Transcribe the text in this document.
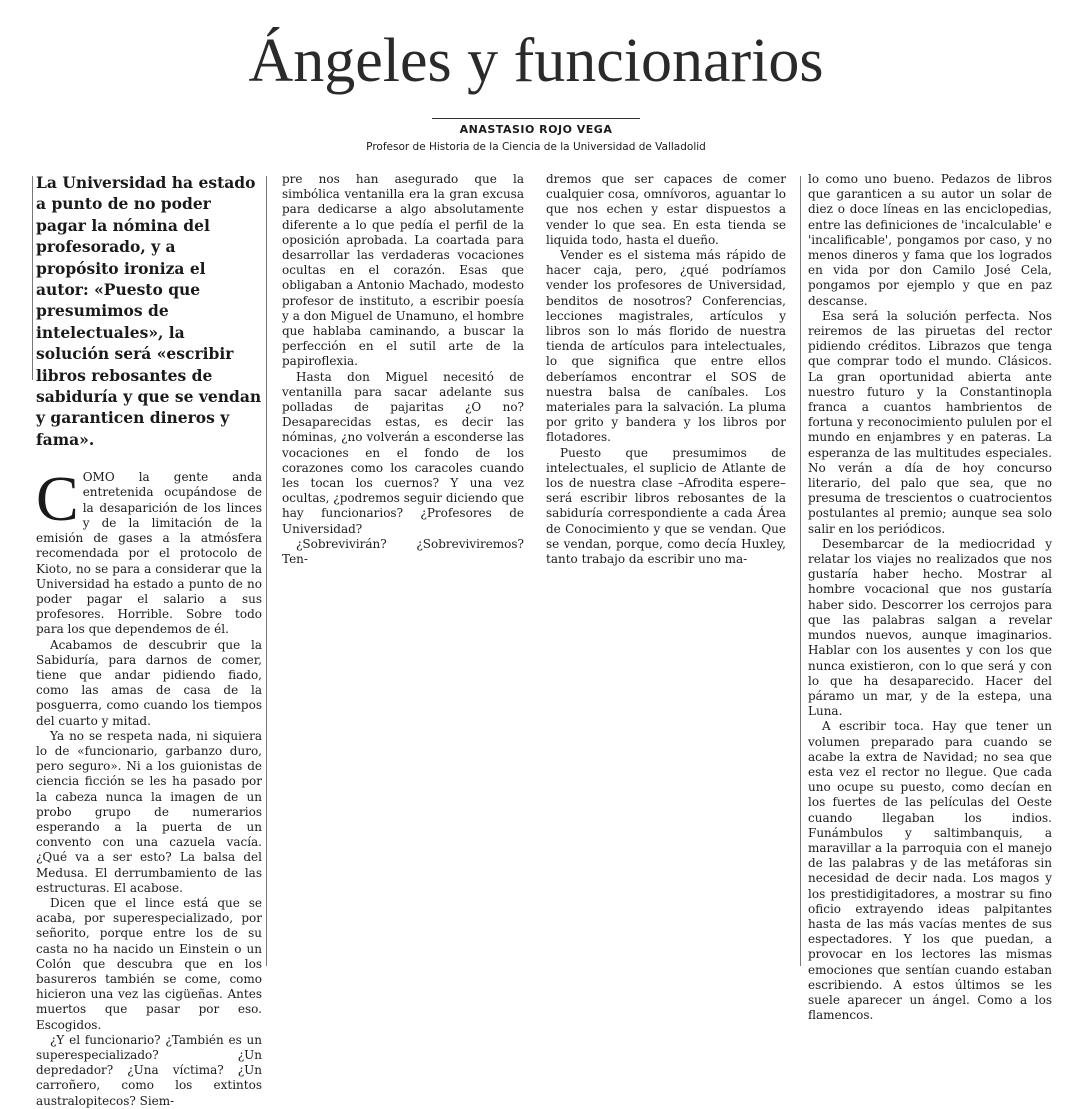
Ángeles y funcionarios
ANASTASIO ROJO VEGA
Profesor de Historia de la Ciencia de la Universidad de Valladolid

La Universidad ha estado a punto de no poder pagar la nómina del profesorado, y a propósito ironiza el autor: «Puesto que presumimos de intelectuales», la solución será «escribir libros rebosantes de sabiduría y que se vendan y garanticen dineros y fama».

COMO la gente anda entretenida ocupándose de la desaparición de los linces y de la limitación de la emisión de gases a la atmósfera recomendada por el protocolo de Kioto, no se para a considerar que la Universidad ha estado a punto de no poder pagar el salario a sus profesores. Horrible. Sobre todo para los que dependemos de él.

Acabamos de descubrir que la Sabiduría, para darnos de comer, tiene que andar pidiendo fiado, como las amas de casa de la posguerra, como cuando los tiempos del cuarto y mitad.

Ya no se respeta nada, ni siquiera lo de «funcionario, garbanzo duro, pero seguro». Ni a los guionistas de ciencia ficción se les ha pasado por la cabeza nunca la imagen de un probo grupo de numerarios esperando a la puerta de un convento con una cazuela vacía. ¿Qué va a ser esto? La balsa del Medusa. El derrumbamiento de las estructuras. El acabose.

Dicen que el lince está que se acaba, por superespecializado, por señorito, porque entre los de su casta no ha nacido un Einstein o un Colón que descubra que en los basureros también se come, como hicieron una vez las cigüeñas. Antes muertos que pasar por eso. Escogidos.

¿Y el funcionario? ¿También es un superespecializado? ¿Un depredador? ¿Una víctima? ¿Un carroñero, como los extintos australopitecos? Siem-

pre nos han asegurado que la simbólica ventanilla era la gran excusa para dedicarse a algo absolutamente diferente a lo que pedía el perfil de la oposición aprobada. La coartada para desarrollar las verdaderas vocaciones ocultas en el corazón. Esas que obligaban a Antonio Machado, modesto profesor de instituto, a escribir poesía y a don Miguel de Unamuno, el hombre que hablaba caminando, a buscar la perfección en el sutil arte de la papiroflexia.

Hasta don Miguel necesitó de ventanilla para sacar adelante sus polladas de pajaritas ¿O no? Desaparecidas estas, es decir las nóminas, ¿no volverán a esconderse las vocaciones en el fondo de los corazones como los caracoles cuando les tocan los cuernos? Y una vez ocultas, ¿podremos seguir diciendo que hay funcionarios? ¿Profesores de Universidad?

¿Sobrevivirán? ¿Sobreviviremos? Ten-

dremos que ser capaces de comer cualquier cosa, omnívoros, aguantar lo que nos echen y estar dispuestos a vender lo que sea. En esta tienda se liquida todo, hasta el dueño.

Vender es el sistema más rápido de hacer caja, pero, ¿qué podríamos vender los profesores de Universidad, benditos de nosotros? Conferencias, lecciones magistrales, artículos y libros son lo más florido de nuestra tienda de artículos para intelectuales, lo que significa que entre ellos deberíamos encontrar el SOS de nuestra balsa de caníbales. Los materiales para la salvación. La pluma por grito y bandera y los libros por flotadores.

Puesto que presumimos de intelectuales, el suplicio de Atlante de los de nuestra clase –Afrodita espere– será escribir libros rebosantes de la sabiduría correspondiente a cada Área de Conocimiento y que se vendan. Que se vendan, porque, como decía Huxley, tanto trabajo da escribir uno ma-

lo como uno bueno. Pedazos de libros que garanticen a su autor un solar de diez o doce líneas en las enciclopedias, entre las definiciones de 'incalculable' e 'incalificable', pongamos por caso, y no menos dineros y fama que los logrados en vida por don Camilo José Cela, pongamos por ejemplo y que en paz descanse.

Esa será la solución perfecta. Nos reiremos de las piruetas del rector pidiendo créditos. Librazos que tenga que comprar todo el mundo. Clásicos. La gran oportunidad abierta ante nuestro futuro y la Constantinopla franca a cuantos hambrientos de fortuna y reconocimiento pululen por el mundo en enjambres y en pateras. La esperanza de las multitudes especiales. No verán a día de hoy concurso literario, del palo que sea, que no presuma de trescientos o cuatrocientos postulantes al premio; aunque sea solo salir en los periódicos.

Desembarcar de la mediocridad y relatar los viajes no realizados que nos gustaría haber hecho. Mostrar al hombre vocacional que nos gustaría haber sido. Descorrer los cerrojos para que las palabras salgan a revelar mundos nuevos, aunque imaginarios. Hablar con los ausentes y con los que nunca existieron, con lo que será y con lo que ha desaparecido. Hacer del páramo un mar, y de la estepa, una Luna.

A escribir toca. Hay que tener un volumen preparado para cuando se acabe la extra de Navidad; no sea que esta vez el rector no llegue. Que cada uno ocupe su puesto, como decían en los fuertes de las películas del Oeste cuando llegaban los indios. Funámbulos y saltimbanquis, a maravillar a la parroquia con el manejo de las palabras y de las metáforas sin necesidad de decir nada. Los magos y los prestidigitadores, a mostrar su fino oficio extrayendo ideas palpitantes hasta de las más vacías mentes de sus espectadores. Y los que puedan, a provocar en los lectores las mismas emociones que sentían cuando estaban escribiendo. A estos últimos se les suele aparecer un ángel. Como a los flamencos.
